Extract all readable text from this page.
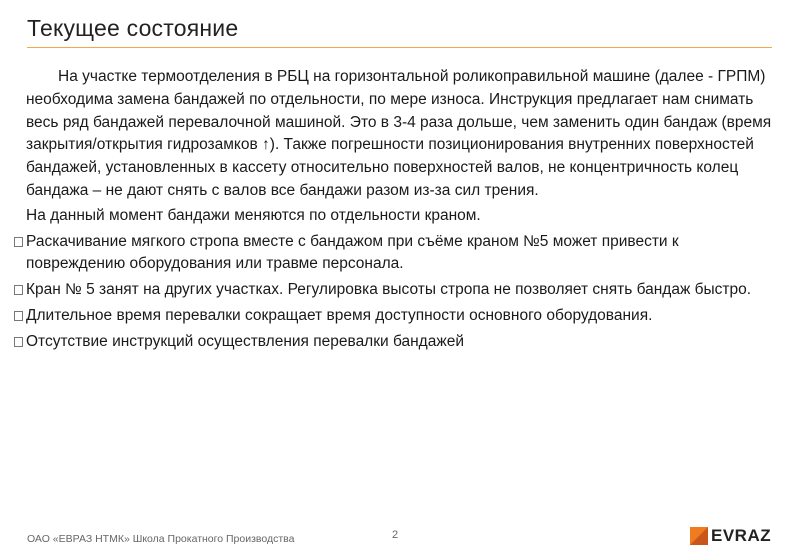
Текущее состояние

На участке термоотделения в РБЦ на горизонтальной роликоправильной машине (далее - ГРПМ) необходима замена бандажей по отдельности, по мере износа. Инструкция предлагает нам снимать весь ряд бандажей перевалочной машиной. Это в 3-4 раза дольше, чем заменить один бандаж (время закрытия/открытия гидрозамков ↑). Также погрешности позиционирования внутренних поверхностей бандажей, установленных в кассету относительно поверхностей валов, не концентричность колец бандажа – не дают снять с валов все бандажи разом из-за сил трения.

На данный момент бандажи меняются по отдельности краном.

Раскачивание мягкого стропа вместе с бандажом при съёме краном №5 может привести к повреждению оборудования или травме персонала.
Кран № 5 занят на других участках. Регулировка высоты стропа не позволяет снять бандаж быстро.
Длительное время перевалки сокращает время доступности основного оборудования.
Отсутствие инструкций осуществления перевалки бандажей
ОАО «ЕВРАЗ НТМК» Школа Прокатного Производства	2	EVRAZ
